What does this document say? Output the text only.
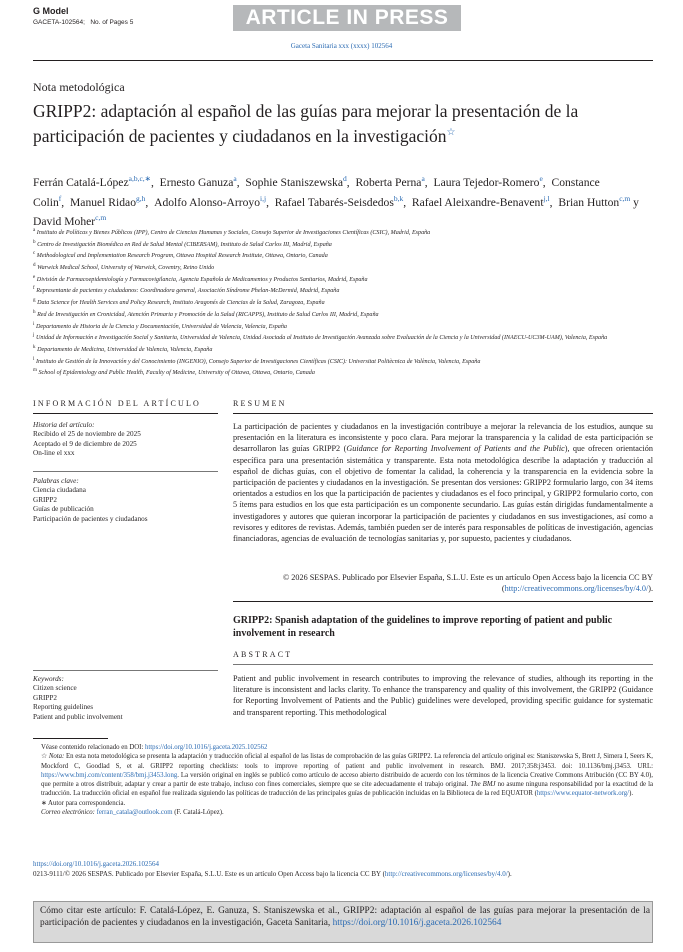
G Model
GACETA-102564; No. of Pages 5	ARTICLE IN PRESS
Gaceta Sanitaria xxx (xxxx) 102564
Nota metodológica
GRIPP2: adaptación al español de las guías para mejorar la presentación de la participación de pacientes y ciudadanos en la investigación☆
Ferrán Catalá-López$^{a,b,c,∗}$,  Ernesto Ganuza$^a$,  Sophie Staniszewska$^d$,  Roberta Perna$^a$,  Laura Tejedor-Romero$^e$,  Constance Colin$^f$,  Manuel Ridao$^{g,h}$,  Adolfo Alonso-Arroyo$^{i,j}$,  Rafael Tabarés-Seisdedos$^{b,k}$,  Rafael Aleixandre-Benavent$^{j,l}$,  Brian Hutton$^{c,m}$ y David Moher$^{c,m}$
$^a$ Instituto de Políticas y Bienes Públicos (IPP), Centro de Ciencias Humanas y Sociales, Consejo Superior de Investigaciones Científicas (CSIC), Madrid, España
$^b$ Centro de Investigación Biomédica en Red de Salud Mental (CIBERSAM), Instituto de Salud Carlos III, Madrid, España
$^c$ Methodological and Implementation Research Program, Ottawa Hospital Research Institute, Ottawa, Ontario, Canada
$^d$ Warwick Medical School, University of Warwick, Coventry, Reino Unido
$^e$ División de Farmacoepidemiología y Farmacovigilancia, Agencia Española de Medicamentos y Productos Sanitarios, Madrid, España
$^f$ Representante de pacientes y ciudadanos: Coordinadora general, Asociación Síndrome Phelan-McDermid, Madrid, España
$^g$ Data Science for Health Services and Policy Research, Instituto Aragonés de Ciencias de la Salud, Zaragoza, España
$^h$ Red de Investigación en Cronicidad, Atención Primaria y Promoción de la Salud (RICAPPS), Instituto de Salud Carlos III, Madrid, España
$^i$ Departamento de Historia de la Ciencia y Documentación, Universidad de Valencia, Valencia, España
$^j$ Unidad de Información e Investigación Social y Sanitaria, Universidad de Valencia, Unidad Asociada al Instituto de Investigación Avanzada sobre Evaluación de la Ciencia y la Universidad (INAECU-UC3M-UAM), Valencia, España
$^k$ Departamento de Medicina, Universidad de Valencia, Valencia, España
$^l$ Instituto de Gestión de la Innovación y del Conocimiento (INGENIO), Consejo Superior de Investigaciones Científicas (CSIC): Universitat Politècnica de València, Valencia, España
$^m$ School of Epidemiology and Public Health, Faculty of Medicine, University of Ottawa, Ottawa, Ontario, Canada
INFORMACIÓN DEL ARTÍCULO
Historia del artículo:
Recibido el 25 de noviembre de 2025
Aceptado el 9 de diciembre de 2025
On-line el xxx
Palabras clave:
Ciencia ciudadana
GRIPP2
Guías de publicación
Participación de pacientes y ciudadanos
RESUMEN
La participación de pacientes y ciudadanos en la investigación contribuye a mejorar la relevancia de los estudios, aunque su presentación en la literatura es inconsistente y poco clara. Para mejorar la transparencia y la calidad de esta participación se desarrollaron las guías GRIPP2 (Guidance for Reporting Involvement of Patients and the Public), que ofrecen orientación específica para una presentación sistemática y transparente. Esta nota metodológica describe la adaptación y traducción al español de dichas guías, con el objetivo de fomentar la calidad, la coherencia y la transparencia en la evidencia sobre la participación de pacientes y ciudadanos en la investigación. Se presentan dos versiones: GRIPP2 formulario largo, con 34 ítems orientados a estudios en los que la participación de pacientes y ciudadanos es el foco principal, y GRIPP2 formulario corto, con 5 ítems para estudios en los que esta participación es un componente secundario. Las guías están dirigidas fundamentalmente a investigadores y autores que quieran incorporar la participación de pacientes y ciudadanos en sus investigaciones, así como a revisores y editores de revistas. Además, también pueden ser de interés para responsables de políticas de investigación, agencias financiadoras, agencias de evaluación de tecnologías sanitarias y, por supuesto, pacientes y ciudadanos.
© 2026 SESPAS. Publicado por Elsevier España, S.L.U. Este es un artículo Open Access bajo la licencia CC BY (http://creativecommons.org/licenses/by/4.0/).
GRIPP2: Spanish adaptation of the guidelines to improve reporting of patient and public involvement in research
ABSTRACT
Patient and public involvement in research contributes to improving the relevance of studies, although its reporting in the literature is inconsistent and lacks clarity. To enhance the transparency and quality of this involvement, the GRIPP2 (Guidance for Reporting Involvement of Patients and the Public) guidelines were developed, providing specific guidance for systematic and transparent reporting. This methodological
Keywords:
Citizen science
GRIPP2
Reporting guidelines
Patient and public involvement

Véase contenido relacionado en DOI: https://doi.org/10.1016/j.gaceta.2025.102562

☆ Nota: En esta nota metodológica se presenta la adaptación y traducción oficial al español de las listas de comprobación de las guías GRIPP2. La referencia del artículo original es: Staniszewska S, Brett J, Simera I, Seers K, Mockford C, Goodlad S, et al. GRIPP2 reporting checklists: tools to improve reporting of patient and public involvement in research. BMJ. 2017;358:j3453. doi: 10.1136/bmj.j3453. URL: https://www.bmj.com/content/358/bmj.j3453.long. La versión original en inglés se publicó como artículo de acceso abierto distribuido de acuerdo con los términos de la licencia Creative Commons Atribución (CC BY 4.0), que permite a otros distribuir, adaptar y crear a partir de este trabajo, incluso con fines comerciales, siempre que se cite adecuadamente el trabajo original. The BMJ no asume ninguna responsabilidad por la exactitud de la traducción. La traducción oficial en español fue realizada siguiendo las políticas de traducción de las principales guías de publicación incluidas en la Biblioteca de la red EQUATOR (https://www.equator-network.org/).

∗ Autor para correspondencia.

Correo electrónico: ferran_catala@outlook.com (F. Catalá-López).

https://doi.org/10.1016/j.gaceta.2026.102564
0213-9111/© 2026 SESPAS. Publicado por Elsevier España, S.L.U. Este es un artículo Open Access bajo la licencia CC BY (http://creativecommons.org/licenses/by/4.0/).
Cómo citar este artículo: F. Catalá-López, E. Ganuza, S. Staniszewska et al., GRIPP2: adaptación al español de las guías para mejorar la presentación de la participación de pacientes y ciudadanos en la investigación, Gaceta Sanitaria, https://doi.org/10.1016/j.gaceta.2026.102564
